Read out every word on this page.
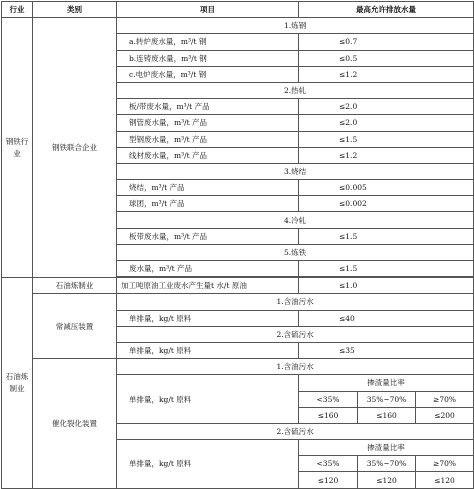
行业	类别	项目	最高允许排放水量		
钢铁行业	钢铁联合企业	1.炼钢			
		a.转炉废水量，m³/t 钢	≤0.7		
		b.连铸废水量，m³/t 钢	≤0.5		
		c.电炉废水量，m³/t 钢	≤1.2		
		2.热轧			
		板/带废水量，m³/t 产品	≤2.0		
		钢管废水量，m³/t 产品	≤2.0		
		型钢废水量，m³/t 产品	≤1.5		
		线材废水量，m³/t 产品	≤1.2		
		3.烧结			
		烧结，m³/t 产品	≤0.005		
		球团，m³/t 产品	≤0.002		
		4.冷轧			
		板带废水量，m³/t 产品	≤1.5		
		5.炼铁			
		废水量，m³/t 产品	≤1.5		

石油炼制业	石油炼制业	加工吨原油工业废水产生量t 水/t 原油	≤1.0		
	常减压装置	1.含油污水			
		单排量，kg/t 原料	≤40		
		2.含硫污水			
		单排量，kg/t 原料	≤35		
	催化裂化装置	1.含油污水			
		单排量，kg/t 原料	掺渣量比率		
			<35%	35%~70%	≥70%
			≤160	≤160	≤200
		2.含硫污水			
		单排量，kg/t 原料	掺渣量比率		
			<35%	35%~70%	≥70%
			≤120	≤120	≤120
